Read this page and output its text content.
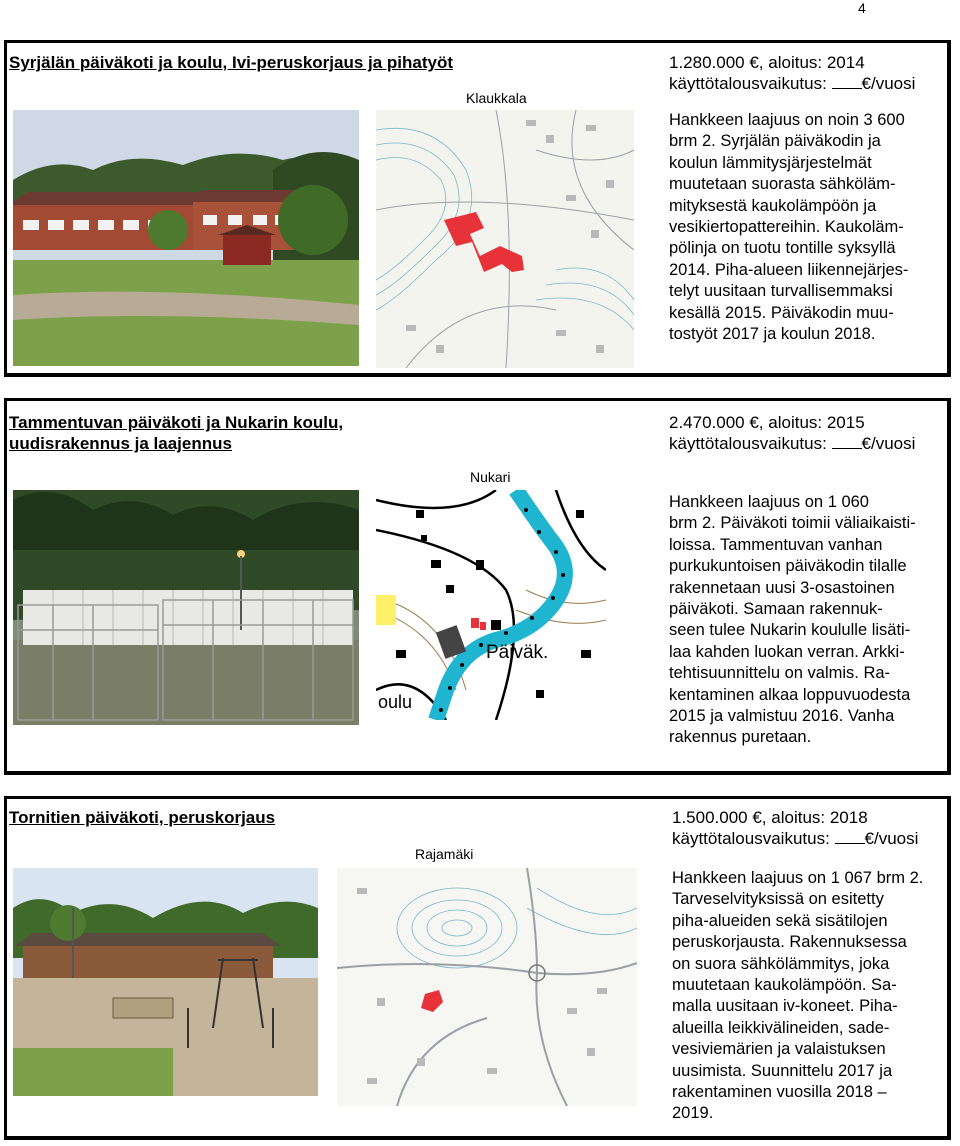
4
Syrjälän päiväkoti ja koulu, Ivi-peruskorjaus ja pihatyöt	1.280.000 €, aloitus: 2014
käyttötalousvaikutus: €/vuosi
Klaukkala
Hankkeen laajuus on noin 3 600
brm 2. Syrjälän päiväkodin ja
koulun lämmitysjärjestelmät
muutetaan suorasta sähköläm-
mityksestä kaukolämpöön ja
vesikiertopattereihin. Kaukoläm-
pölinja on tuotu tontille syksyllä
2014. Piha-alueen liikennejärjes-
telyt uusitaan turvallisemmaksi
kesällä 2015. Päiväkodin muu-
tostyöt 2017 ja koulun 2018.
Tammentuvan päiväkoti ja Nukarin koulu,
uudisrakennus ja laajennus
2.470.000 €, aloitus: 2015
käyttötalousvaikutus: €/vuosi
Nukari
Päiväk.
oulu
Hankkeen laajuus on 1 060
brm 2. Päiväkoti toimii väliaikaisti-
loissa. Tammentuvan vanhan
purkukuntoisen päiväkodin tilalle
rakennetaan uusi 3-osastoinen
päiväkoti. Samaan rakennuk-
seen tulee Nukarin koululle lisäti-
laa kahden luokan verran. Arkki-
tehtisuunnittelu on valmis. Ra-
kentaminen alkaa loppuvuodesta
2015 ja valmistuu 2016. Vanha
rakennus puretaan.
Tornitien päiväkoti, peruskorjaus	1.500.000 €, aloitus: 2018
käyttötalousvaikutus: €/vuosi
Rajamäki
Hankkeen laajuus on 1 067 brm 2.
Tarveselvityksissä on esitetty
piha-alueiden sekä sisätilojen
peruskorjausta. Rakennuksessa
on suora sähkölämmitys, joka
muutetaan kaukolämpöön. Sa-
malla uusitaan iv-koneet. Piha-
alueilla leikkivälineiden, sade-
vesiviemärien ja valaistuksen
uusimista. Suunnittelu 2017 ja
rakentaminen vuosilla 2018 –
2019.
